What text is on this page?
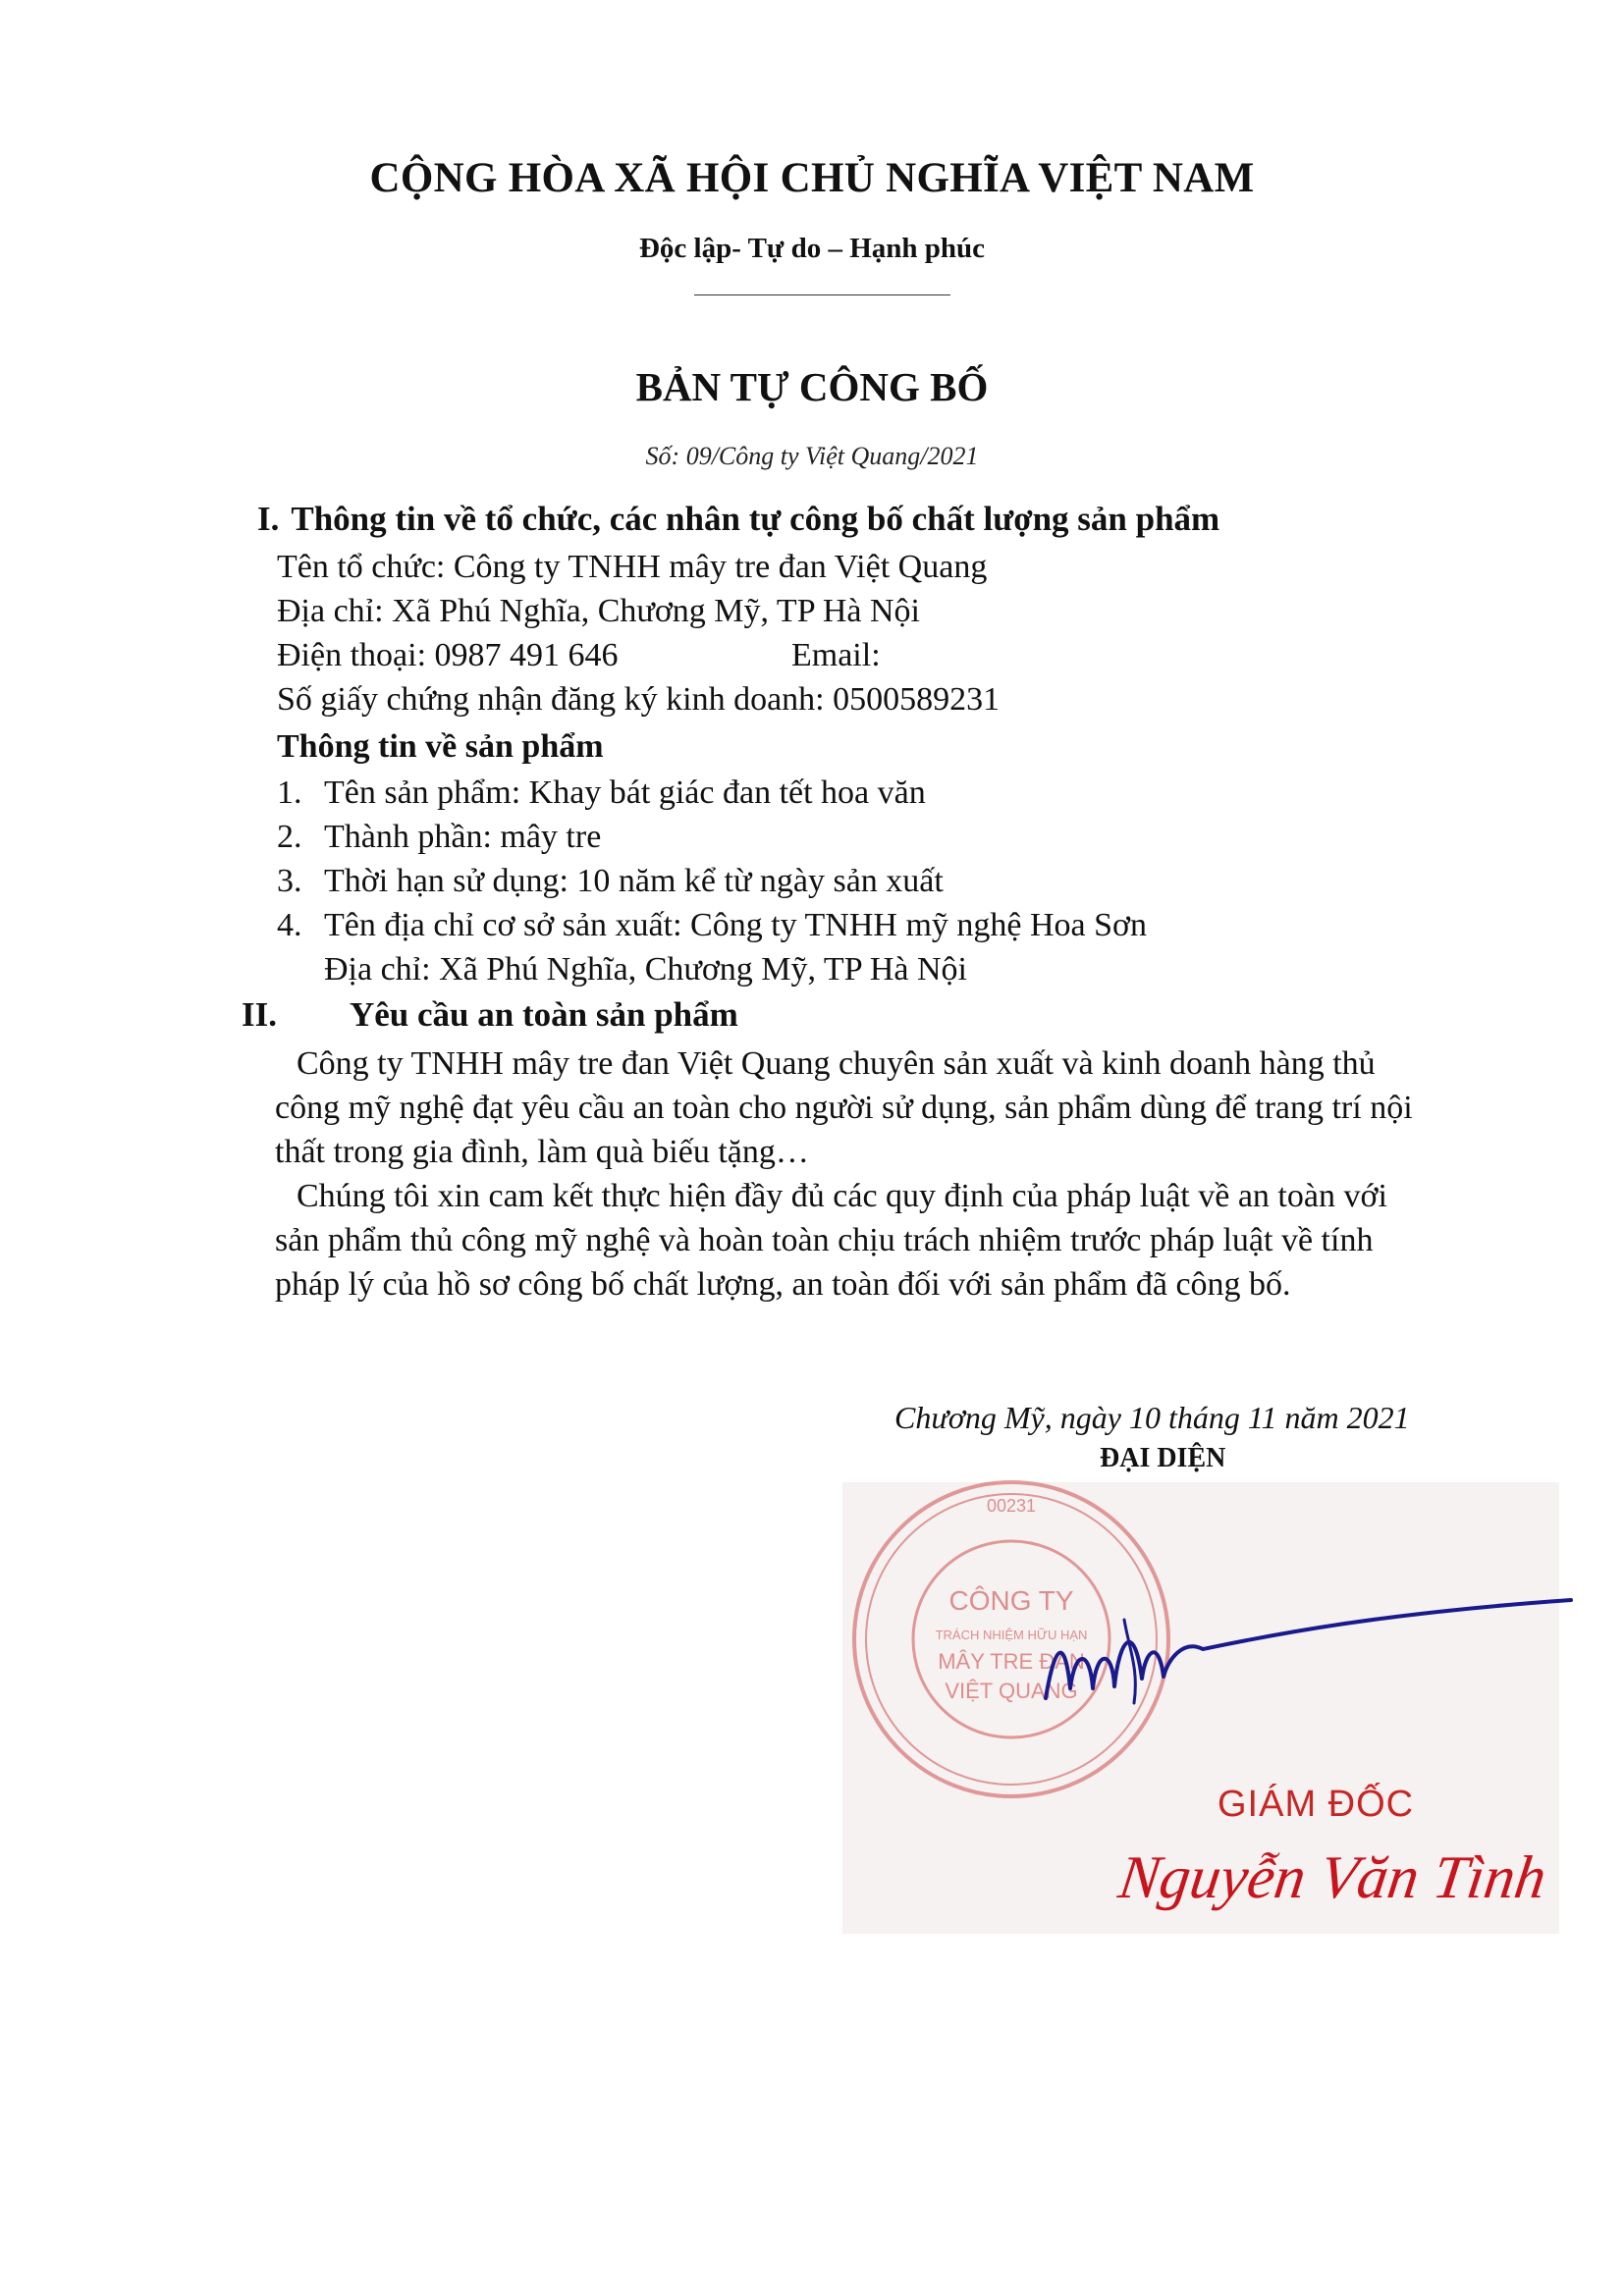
CỘNG HÒA XÃ HỘI CHỦ NGHĨA VIỆT NAM
Độc lập- Tự do – Hạnh phúc
BẢN TỰ CÔNG BỐ
Số: 09/Công ty Việt Quang/2021
I. Thông tin về tổ chức, các nhân tự công bố chất lượng sản phẩm
Tên tổ chức: Công ty TNHH mây tre đan Việt Quang
Địa chỉ: Xã Phú Nghĩa, Chương Mỹ, TP Hà Nội
Điện thoại: 0987 491 646	Email:
Số giấy chứng nhận đăng ký kinh doanh: 0500589231
Thông tin về sản phẩm
1. Tên sản phẩm: Khay bát giác đan tết hoa văn
2. Thành phần: mây tre
3. Thời hạn sử dụng: 10 năm kể từ ngày sản xuất
4. Tên địa chỉ cơ sở sản xuất: Công ty TNHH mỹ nghệ Hoa Sơn
Địa chỉ: Xã Phú Nghĩa, Chương Mỹ, TP Hà Nội
II. Yêu cầu an toàn sản phẩm
Công ty TNHH mây tre đan Việt Quang chuyên sản xuất và kinh doanh hàng thủ công mỹ nghệ đạt yêu cầu an toàn cho người sử dụng, sản phẩm dùng để trang trí nội thất trong gia đình, làm quà biếu tặng…
Chúng tôi xin cam kết thực hiện đầy đủ các quy định của pháp luật về an toàn với sản phẩm thủ công mỹ nghệ và hoàn toàn chịu trách nhiệm trước pháp luật về tính pháp lý của hồ sơ công bố chất lượng, an toàn đối với sản phẩm đã công bố.
Chương Mỹ, ngày 10 tháng 11 năm 2021
ĐẠI DIỆN
00231
CÔNG TY
TRÁCH NHIỆM HỮU HẠN
MÂY TRE ĐAN
VIỆT QUANG
GIÁM ĐỐC
Nguyễn Văn Tình
